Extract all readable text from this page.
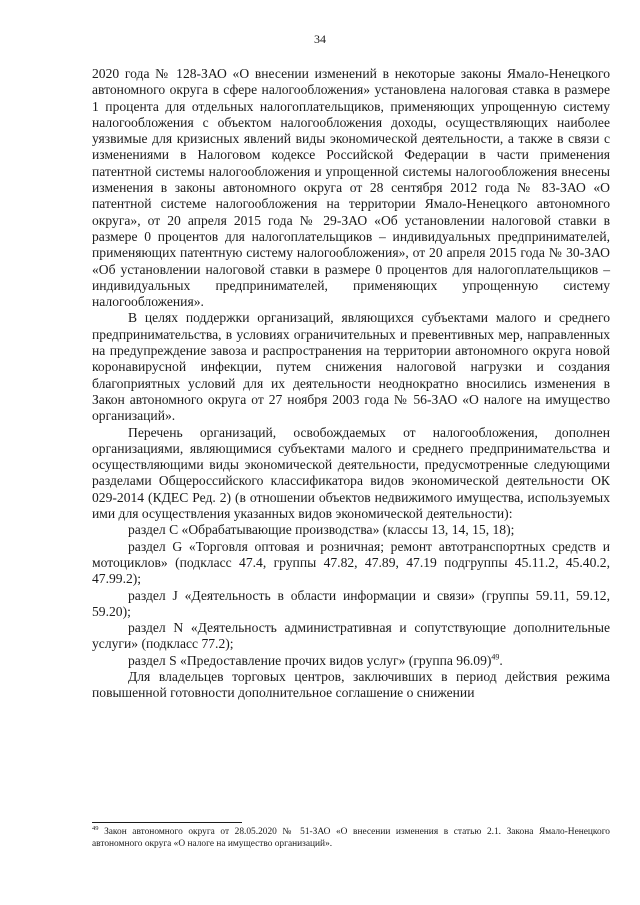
34

2020 года № 128-ЗАО «О внесении изменений в некоторые законы Ямало-Ненецкого автономного округа в сфере налогообложения» установлена налоговая ставка в размере 1 процента для отдельных налогоплательщиков, применяющих упрощенную систему налогообложения с объектом налогообложения доходы, осуществляющих наиболее уязвимые для кризисных явлений виды экономической деятельности, а также в связи с изменениями в Налоговом кодексе Российской Федерации в части применения патентной системы налогообложения и упрощенной системы налогообложения внесены изменения в законы автономного округа от 28 сентября 2012 года № 83-ЗАО «О патентной системе налогообложения на территории Ямало-Ненецкого автономного округа», от 20 апреля 2015 года № 29-ЗАО «Об установлении налоговой ставки в размере 0 процентов для налогоплательщиков – индивидуальных предпринимателей, применяющих патентную систему налогообложения», от 20 апреля 2015 года № 30-ЗАО «Об установлении налоговой ставки в размере 0 процентов для налогоплательщиков – индивидуальных предпринимателей, применяющих упрощенную систему налогообложения».

В целях поддержки организаций, являющихся субъектами малого и среднего предпринимательства, в условиях ограничительных и превентивных мер, направленных на предупреждение завоза и распространения на территории автономного округа новой коронавирусной инфекции, путем снижения налоговой нагрузки и создания благоприятных условий для их деятельности неоднократно вносились изменения в Закон автономного округа от 27 ноября 2003 года № 56-ЗАО «О налоге на имущество организаций».

Перечень организаций, освобождаемых от налогообложения, дополнен организациями, являющимися субъектами малого и среднего предпринимательства и осуществляющими виды экономической деятельности, предусмотренные следующими разделами Общероссийского классификатора видов экономической деятельности ОК 029-2014 (КДЕС Ред. 2) (в отношении объектов недвижимого имущества, используемых ими для осуществления указанных видов экономической деятельности):

раздел C «Обрабатывающие производства» (классы 13, 14, 15, 18);

раздел G «Торговля оптовая и розничная; ремонт автотранспортных средств и мотоциклов» (подкласс 47.4, группы 47.82, 47.89, 47.19 подгруппы 45.11.2, 45.40.2, 47.99.2);

раздел J «Деятельность в области информации и связи» (группы 59.11, 59.12, 59.20);

раздел N «Деятельность административная и сопутствующие дополнительные услуги» (подкласс 77.2);

раздел S «Предоставление прочих видов услуг» (группа 96.09)$^{49}$.

Для владельцев торговых центров, заключивших в период действия режима повышенной готовности дополнительное соглашение о снижении

$^{49}$ Закон автономного округа от 28.05.2020 № 51-ЗАО «О внесении изменения в статью 2.1. Закона Ямало-Ненецкого автономного округа «О налоге на имущество организаций».
